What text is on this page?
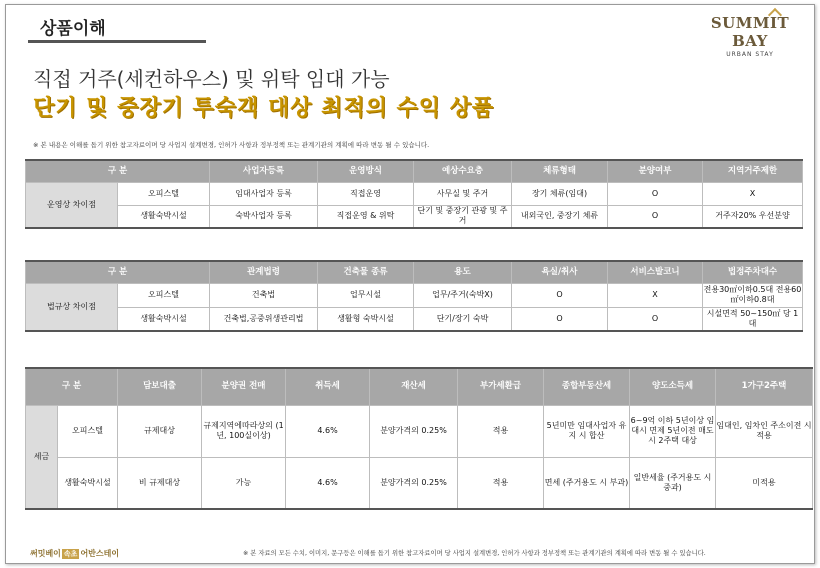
상품이해	SUMMIT BAY
URBAN STAY
직접 거주(세컨하우스) 및 위탁 임대 가능
단기 및 중장기 투숙객 대상 최적의 수익 상품
※ 본 내용은 이해를 돕기 위한 참고자료이며 당 사업지 설계변경, 인허가 사항과 정부정책 또는 관계기관의 계획에 따라 변동 될 수 있습니다.
구 분		사업자등록	운영방식	예상수요층	체류형태	분양여부	지역거주제한
운영상 차이점	오피스텔	임대사업자 등록	직접운영	사무실 및 주거	장기 체류(임대)	O	X
	생활숙박시설	숙박사업자 등록	직접운영 & 위탁	단기 및 중장기 관광 및 주거	내외국인, 중장기 체류	O	거주자20% 우선분양
구 분		관계법령	건축물 종류	용도	욕실/취사	서비스발코니	법정주차대수
법규상 차이점	오피스텔	건축법	업무시설	업무/주거(숙박X)	O	X	전용30㎡이하0.5대 전용60㎡이하0.8대
	생활숙박시설	건축법,공중위생관리법	생활형 숙박시설	단기/장기 숙박	O	O	시설면적 50~150㎡ 당 1대
구 분		담보대출	분양권 전매	취득세	재산세	부가세환급	종합부동산세	양도소득세	1가구2주택
세금	오피스텔	규제대상	규제지역에따라상의 (1년, 100실이상)	4.6%	분양가격의 0.25%	적용	5년미만 임대사업자 유지 시 합산	6~9억 이하 5년이상 임대시 면제 5년이전 매도시 2주택 대상	임대인, 임차인 주소이전 시 적용
	생활숙박시설	비 규제대상	가능	4.6%	분양가격의 0.25%	적용	면세 (주거용도 시 부과)	일반세율 (주거용도 시 중과)	미적용
써밋베이 속초 어반스테이	※ 본 자료의 모든 수치, 이미지, 문구등은 이해를 돕기 위한 참고자료이며 당 사업지 설계변경, 인허가 사항과 정부정책 또는 관계기관의 계획에 따라 변동 될 수 있습니다.
